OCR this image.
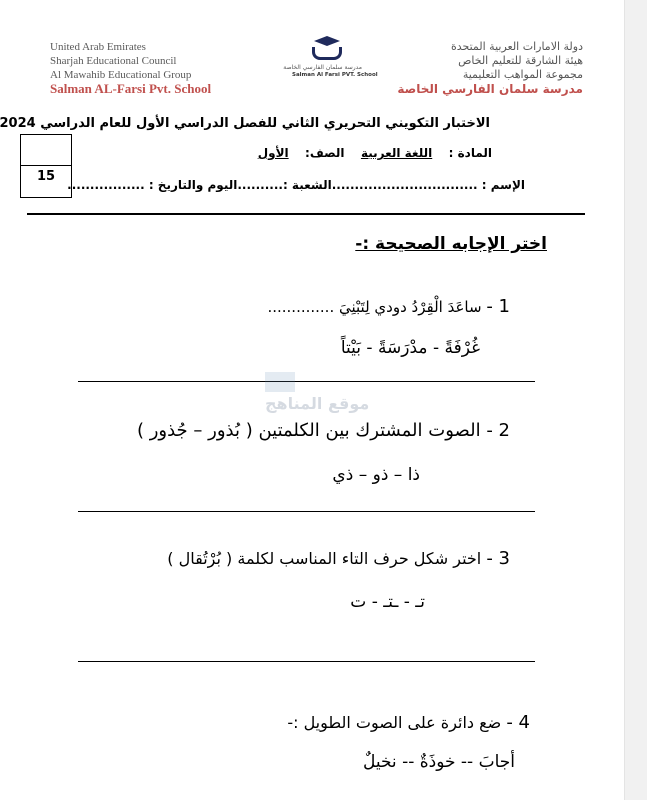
United Arab Emirates
Sharjah Educational Council
Al Mawahib Educational Group
Salman AL-Farsi Pvt. School
مدرسة سلمان الفارسي الخاصة
Salman Al Farsi PVT. School
دولة الامارات العربية المتحدة
هيئة الشارقة للتعليم الخاص
مجموعة المواهب التعليمية
مدرسة سلمان الفارسي الخاصة
الاختبار التكويني التحريري الثاني للفصل الدراسي الأول للعام الدراسي 2024
15
المادة :  اللغة العربية  الصف:  الأول
الإسم : ................................
الشعبة :..........
اليوم والتاريخ : .................
اختر الإجابه الصحيحة :-
1 - ساعَدَ الْقِرْدُ دودي لِتَبْنِيَ ..............
غُرْفَةً - مدْرَسَةً - بَيْتاً
موقع المناهج
2 - الصوت المشترك بين الكلمتين ( بُذور – جُذور )
ذا – ذو – ذي
3 - اختر شكل حرف التاء المناسب لكلمة ( بُرْتُقال )
تـ - ـتـ - ت
4 - ضع دائرة على الصوت الطويل :-
أجابَ -- خوذَةٌ -- نخيلٌ
